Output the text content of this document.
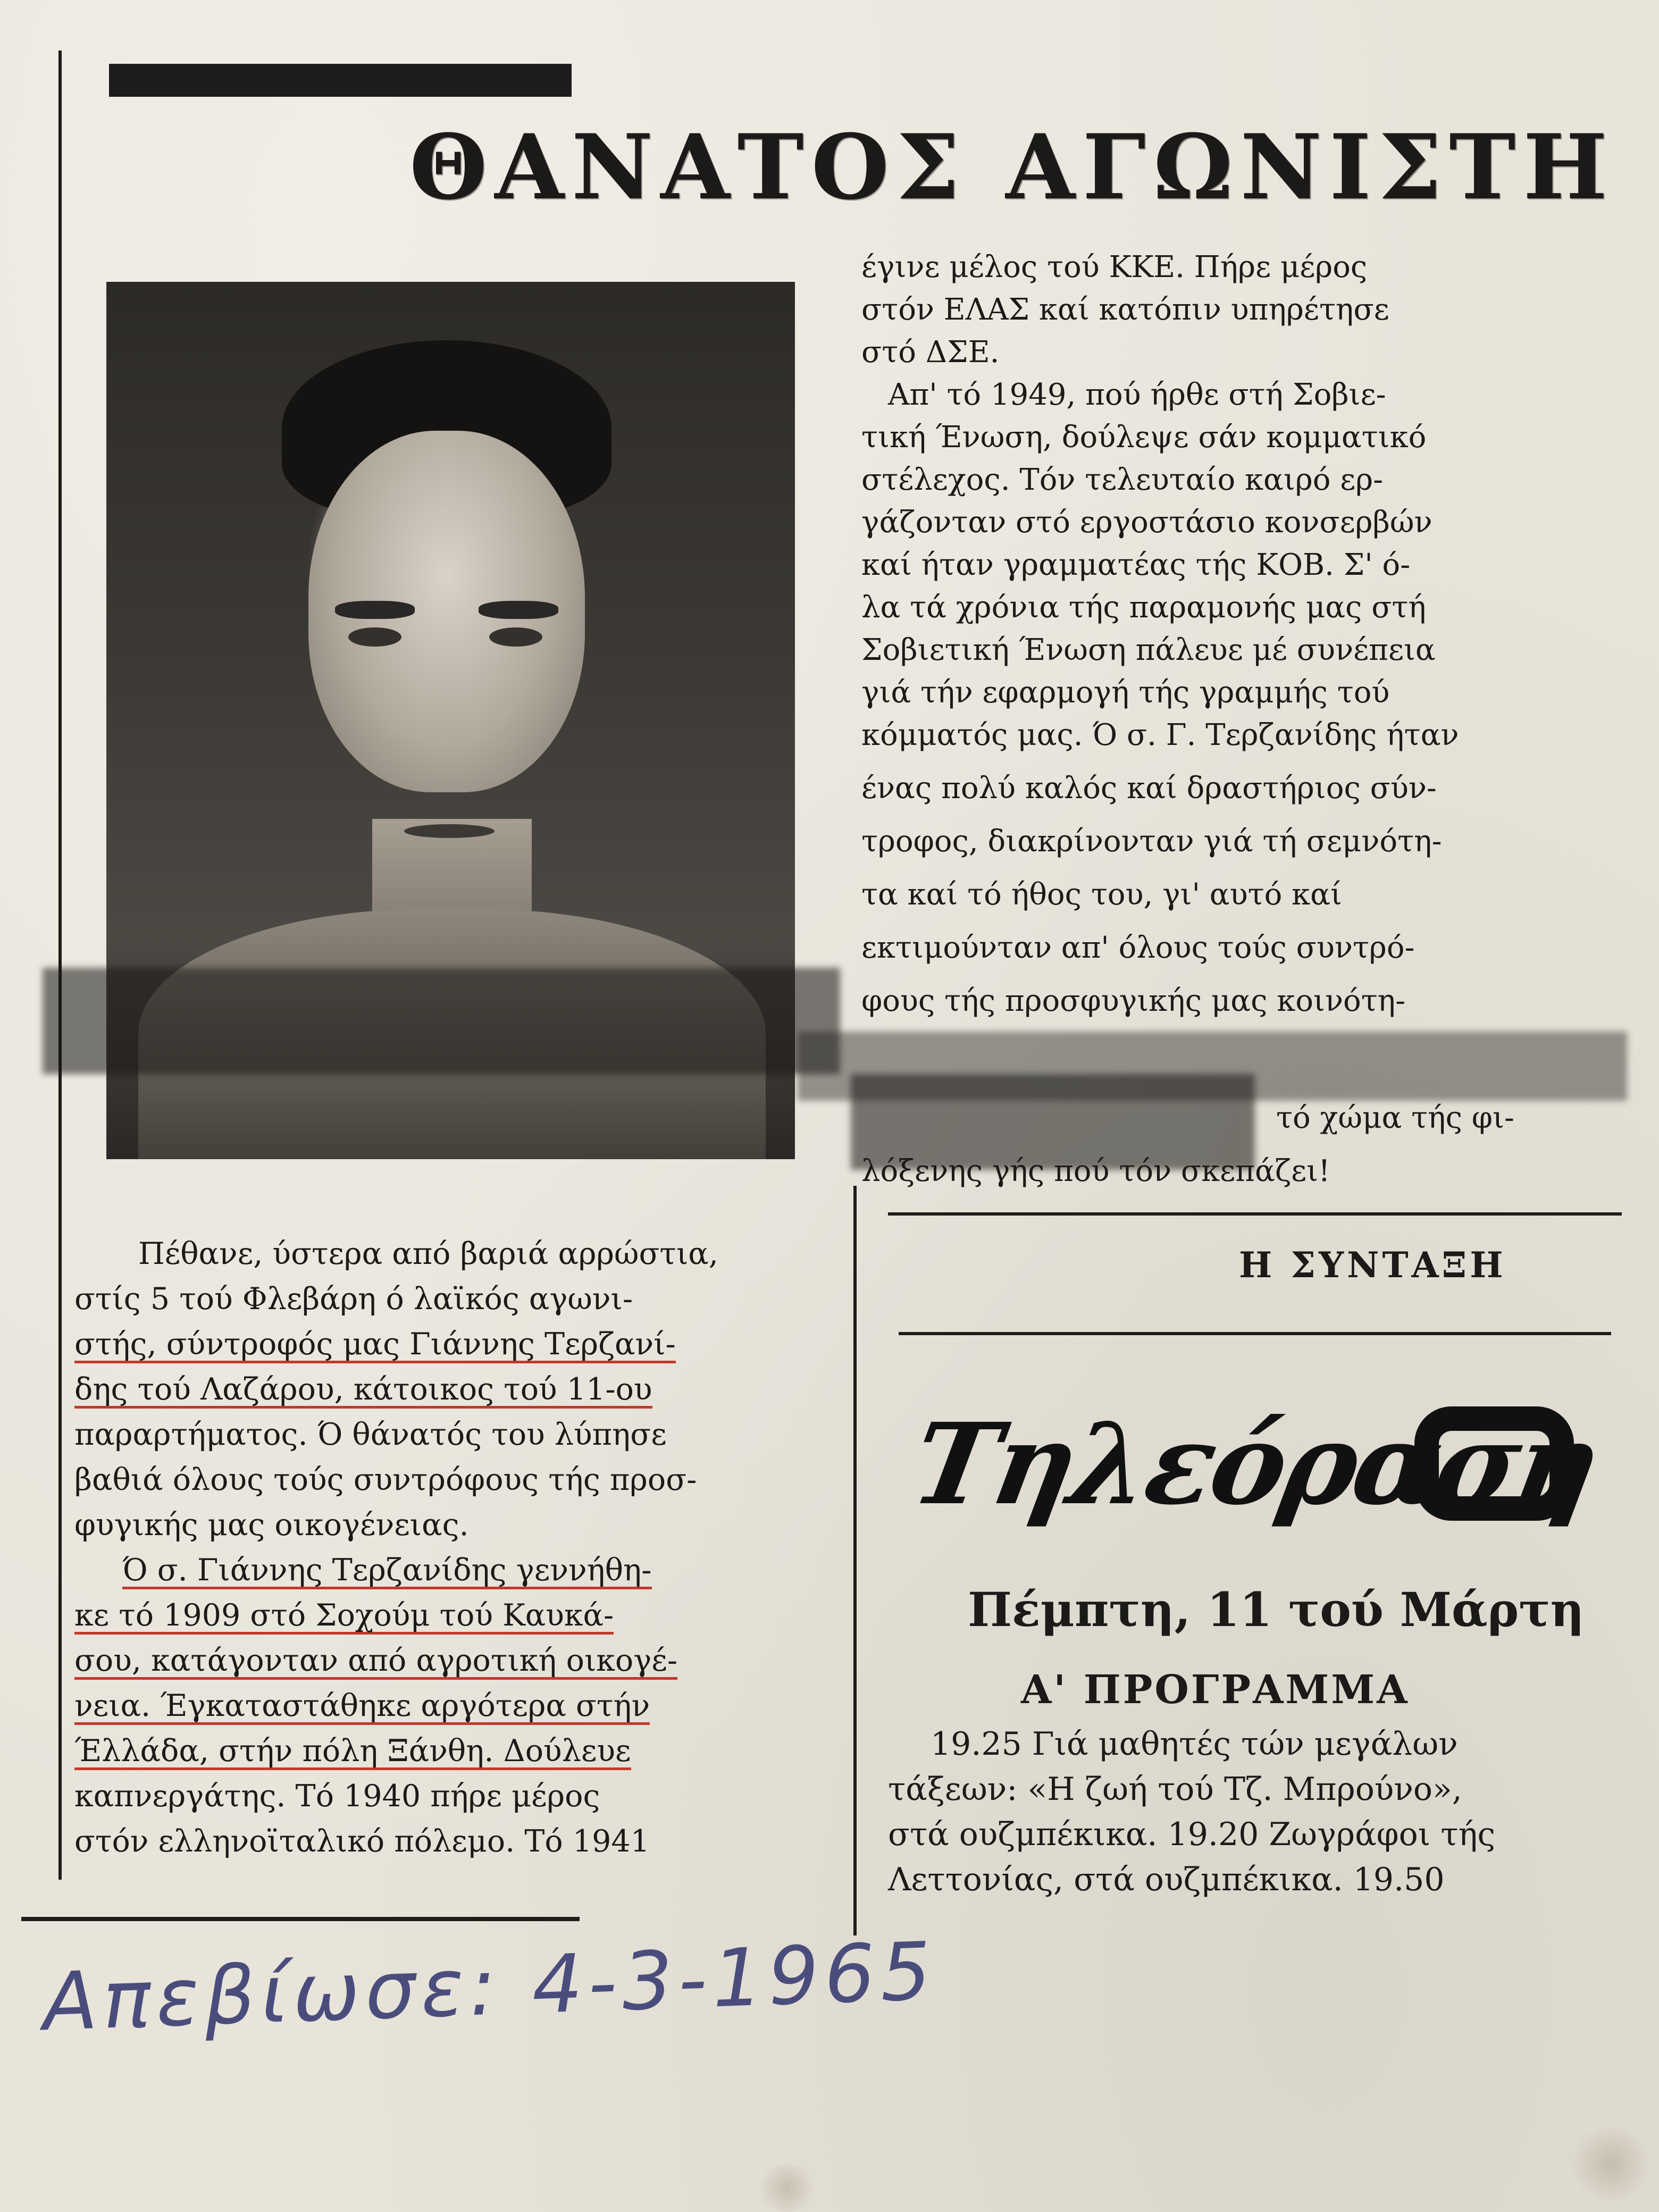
ΘΑΝΑΤΟΣ ΑΓΩΝΙΣΤΗ
έγινε μέλος τού ΚΚΕ. Πήρε μέρος
στόν ΕΛΑΣ καί κατόπιν υπηρέτησε
στό ΔΣΕ.
Απ' τό 1949, πού ήρθε στή Σοβιε-
τική Ένωση, δούλεψε σάν κομματικό
στέλεχος. Τόν τελευταίο καιρό ερ-
γάζονταν στό εργοστάσιο κονσερβών
καί ήταν γραμματέας τής ΚΟΒ. Σ' ό-
λα τά χρόνια τής παραμονής μας στή
Σοβιετική Ένωση πάλευε μέ συνέπεια
γιά τήν εφαρμογή τής γραμμής τού
κόμματός μας. Ό σ. Γ. Τερζανίδης ήταν
ένας πολύ καλός καί δραστήριος σύν-
τροφος, διακρίνονταν γιά τή σεμνότη-
τα καί τό ήθος του, γι' αυτό καί
εκτιμούνταν απ' όλους τούς συντρό-
φους τής προσφυγικής μας κοινότη-
τό χώμα τής φι-
λόξενης γής πού τόν σκεπάζει!
Η ΣΥΝΤΑΞΗ
Πέθανε, ύστερα από βαριά αρρώστια,
στίς 5 τού Φλεβάρη ό λαϊκός αγωνι-
στής, σύντροφός μας Γιάννης Τερζανί-
δης τού Λαζάρου, κάτοικος τού 11-ου
παραρτήματος. Ό θάνατός του λύπησε
βαθιά όλους τούς συντρόφους τής προσ-
φυγικής μας οικογένειας.
Ό σ. Γιάννης Τερζανίδης γεννήθη-
κε τό 1909 στό Σοχούμ τού Καυκά-
σου, κατάγονταν από αγροτική οικογέ-
νεια. Έγκαταστάθηκε αργότερα στήν
Έλλάδα, στήν πόλη Ξάνθη. Δούλευε
καπνεργάτης. Τό 1940 πήρε μέρος
στόν ελληνοϊταλικό πόλεμο. Τό 1941
Τηλεόραση
Πέμπτη, 11 τού Μάρτη
Α' ΠΡΟΓΡΑΜΜΑ
19.25 Γιά μαθητές τών μεγάλων
τάξεων: «Η ζωή τού Τζ. Μπρούνο»,
στά ουζμπέκικα. 19.20 Ζωγράφοι τής
Λεττονίας, στά ουζμπέκικα. 19.50
Απεβίωσε: 4-3-1965
